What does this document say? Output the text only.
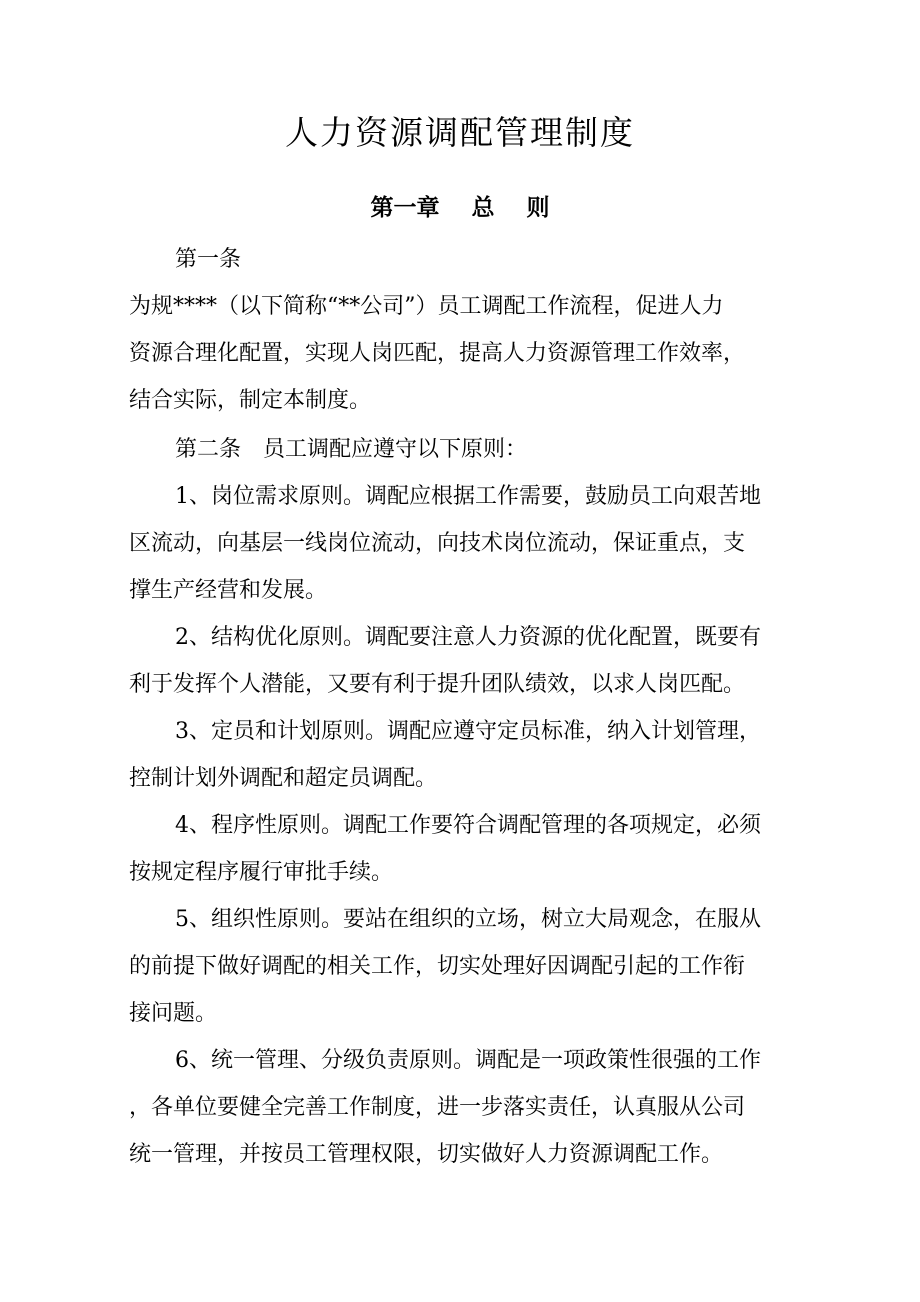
人力资源调配管理制度
第一章 总 则
第一条
为规****（以下简称“**公司”）员工调配工作流程，促进人力
资源合理化配置，实现人岗匹配，提高人力资源管理工作效率，
结合实际，制定本制度。
第二条　员工调配应遵守以下原则：
1、岗位需求原则。调配应根据工作需要，鼓励员工向艰苦地
区流动，向基层一线岗位流动，向技术岗位流动，保证重点，支
撑生产经营和发展。
2、结构优化原则。调配要注意人力资源的优化配置，既要有
利于发挥个人潜能，又要有利于提升团队绩效，以求人岗匹配。
3、定员和计划原则。调配应遵守定员标准，纳入计划管理，
控制计划外调配和超定员调配。
4、程序性原则。调配工作要符合调配管理的各项规定，必须
按规定程序履行审批手续。
5、组织性原则。要站在组织的立场，树立大局观念，在服从
的前提下做好调配的相关工作，切实处理好因调配引起的工作衔
接问题。
6、统一管理、分级负责原则。调配是一项政策性很强的工作
，各单位要健全完善工作制度，进一步落实责任，认真服从公司
统一管理，并按员工管理权限，切实做好人力资源调配工作。
